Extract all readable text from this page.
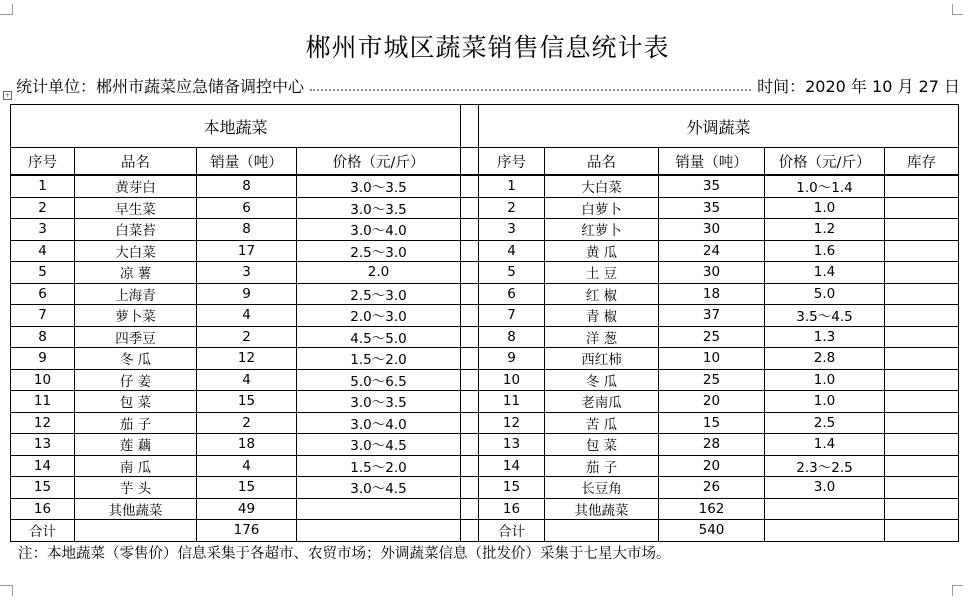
郴州市城区蔬菜销售信息统计表
统计单位：郴州市蔬菜应急储备调控中心	时间：2020 年 10 月 27 日
+
本地蔬菜					外调蔬菜				
序号	品名	销量（吨）	价格（元/斤）		序号	品名	销量（吨）	价格（元/斤）	库存
1	黄芽白	8	3.0～3.5		1	大白菜	35	1.0～1.4	
2	早生菜	6	3.0～3.5		2	白萝卜	35	1.0	
3	白菜苔	8	3.0～4.0		3	红萝卜	30	1.2	
4	大白菜	17	2.5～3.0		4	黄 瓜	24	1.6	
5	凉 薯	3	2.0		5	土 豆	30	1.4	
6	上海青	9	2.5～3.0		6	红 椒	18	5.0	
7	萝卜菜	4	2.0～3.0		7	青 椒	37	3.5～4.5	
8	四季豆	2	4.5～5.0		8	洋 葱	25	1.3	
9	冬 瓜	12	1.5～2.0		9	西红柿	10	2.8	
10	仔 姜	4	5.0～6.5		10	冬 瓜	25	1.0	
11	包 菜	15	3.0～3.5		11	老南瓜	20	1.0	
12	茄 子	2	3.0～4.0		12	苦 瓜	15	2.5	
13	莲 藕	18	3.0～4.5		13	包 菜	28	1.4	
14	南 瓜	4	1.5～2.0		14	茄 子	20	2.3～2.5	
15	芋 头	15	3.0～4.5		15	长豆角	26	3.0	
16	其他蔬菜	49			16	其他蔬菜	162		
合计		176			合计		540		
注：本地蔬菜（零售价）信息采集于各超市、农贸市场；外调蔬菜信息（批发价）采集于七星大市场。
